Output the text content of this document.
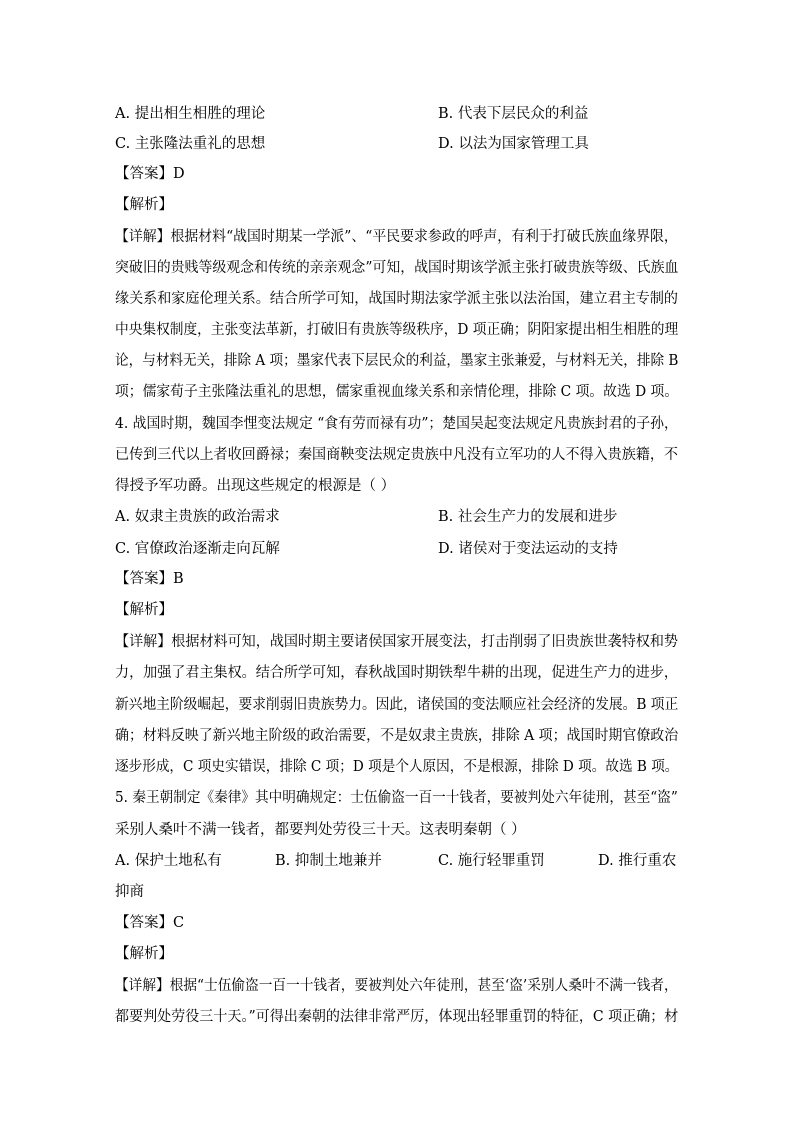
A. 提出相生相胜的理论	B. 代表下层民众的利益
C. 主张隆法重礼的思想	D. 以法为国家管理工具
【答案】D
【解析】
【详解】根据材料“战国时期某一学派”、“平民要求参政的呼声，有利于打破氏族血缘界限，
突破旧的贵贱等级观念和传统的亲亲观念”可知，战国时期该学派主张打破贵族等级、氏族血
缘关系和家庭伦理关系。结合所学可知，战国时期法家学派主张以法治国，建立君主专制的
中央集权制度，主张变法革新，打破旧有贵族等级秩序，D 项正确；阴阳家提出相生相胜的理
论，与材料无关，排除 A 项；墨家代表下层民众的利益，墨家主张兼爱，与材料无关，排除 B
项；儒家荀子主张隆法重礼的思想，儒家重视血缘关系和亲情伦理，排除 C 项。故选 D 项。
4. 战国时期，魏国李悝变法规定 “食有劳而禄有功”；楚国吴起变法规定凡贵族封君的子孙，
已传到三代以上者收回爵禄；秦国商鞅变法规定贵族中凡没有立军功的人不得入贵族籍，不
得授予军功爵。出现这些规定的根源是（ ）
A. 奴隶主贵族的政治需求	B. 社会生产力的发展和进步
C. 官僚政治逐渐走向瓦解	D. 诸侯对于变法运动的支持
【答案】B
【解析】
【详解】根据材料可知，战国时期主要诸侯国家开展变法，打击削弱了旧贵族世袭特权和势
力，加强了君主集权。结合所学可知，春秋战国时期铁犁牛耕的出现，促进生产力的进步，
新兴地主阶级崛起，要求削弱旧贵族势力。因此，诸侯国的变法顺应社会经济的发展。B 项正
确；材料反映了新兴地主阶级的政治需要，不是奴隶主贵族，排除 A 项；战国时期官僚政治
逐步形成，C 项史实错误，排除 C 项；D 项是个人原因，不是根源，排除 D 项。故选 B 项。
5. 秦王朝制定《秦律》其中明确规定：士伍偷盗一百一十钱者，要被判处六年徒刑，甚至“盗”
采别人桑叶不满一钱者，都要判处劳役三十天。这表明秦朝（ ）
A. 保护土地私有	B. 抑制土地兼并	C. 施行轻罪重罚	D. 推行重农
抑商
【答案】C
【解析】
【详解】根据“士伍偷盗一百一十钱者，要被判处六年徒刑，甚至‘盗’采别人桑叶不满一钱者，
都要判处劳役三十天。”可得出秦朝的法律非常严厉，体现出轻罪重罚的特征，C 项正确；材
